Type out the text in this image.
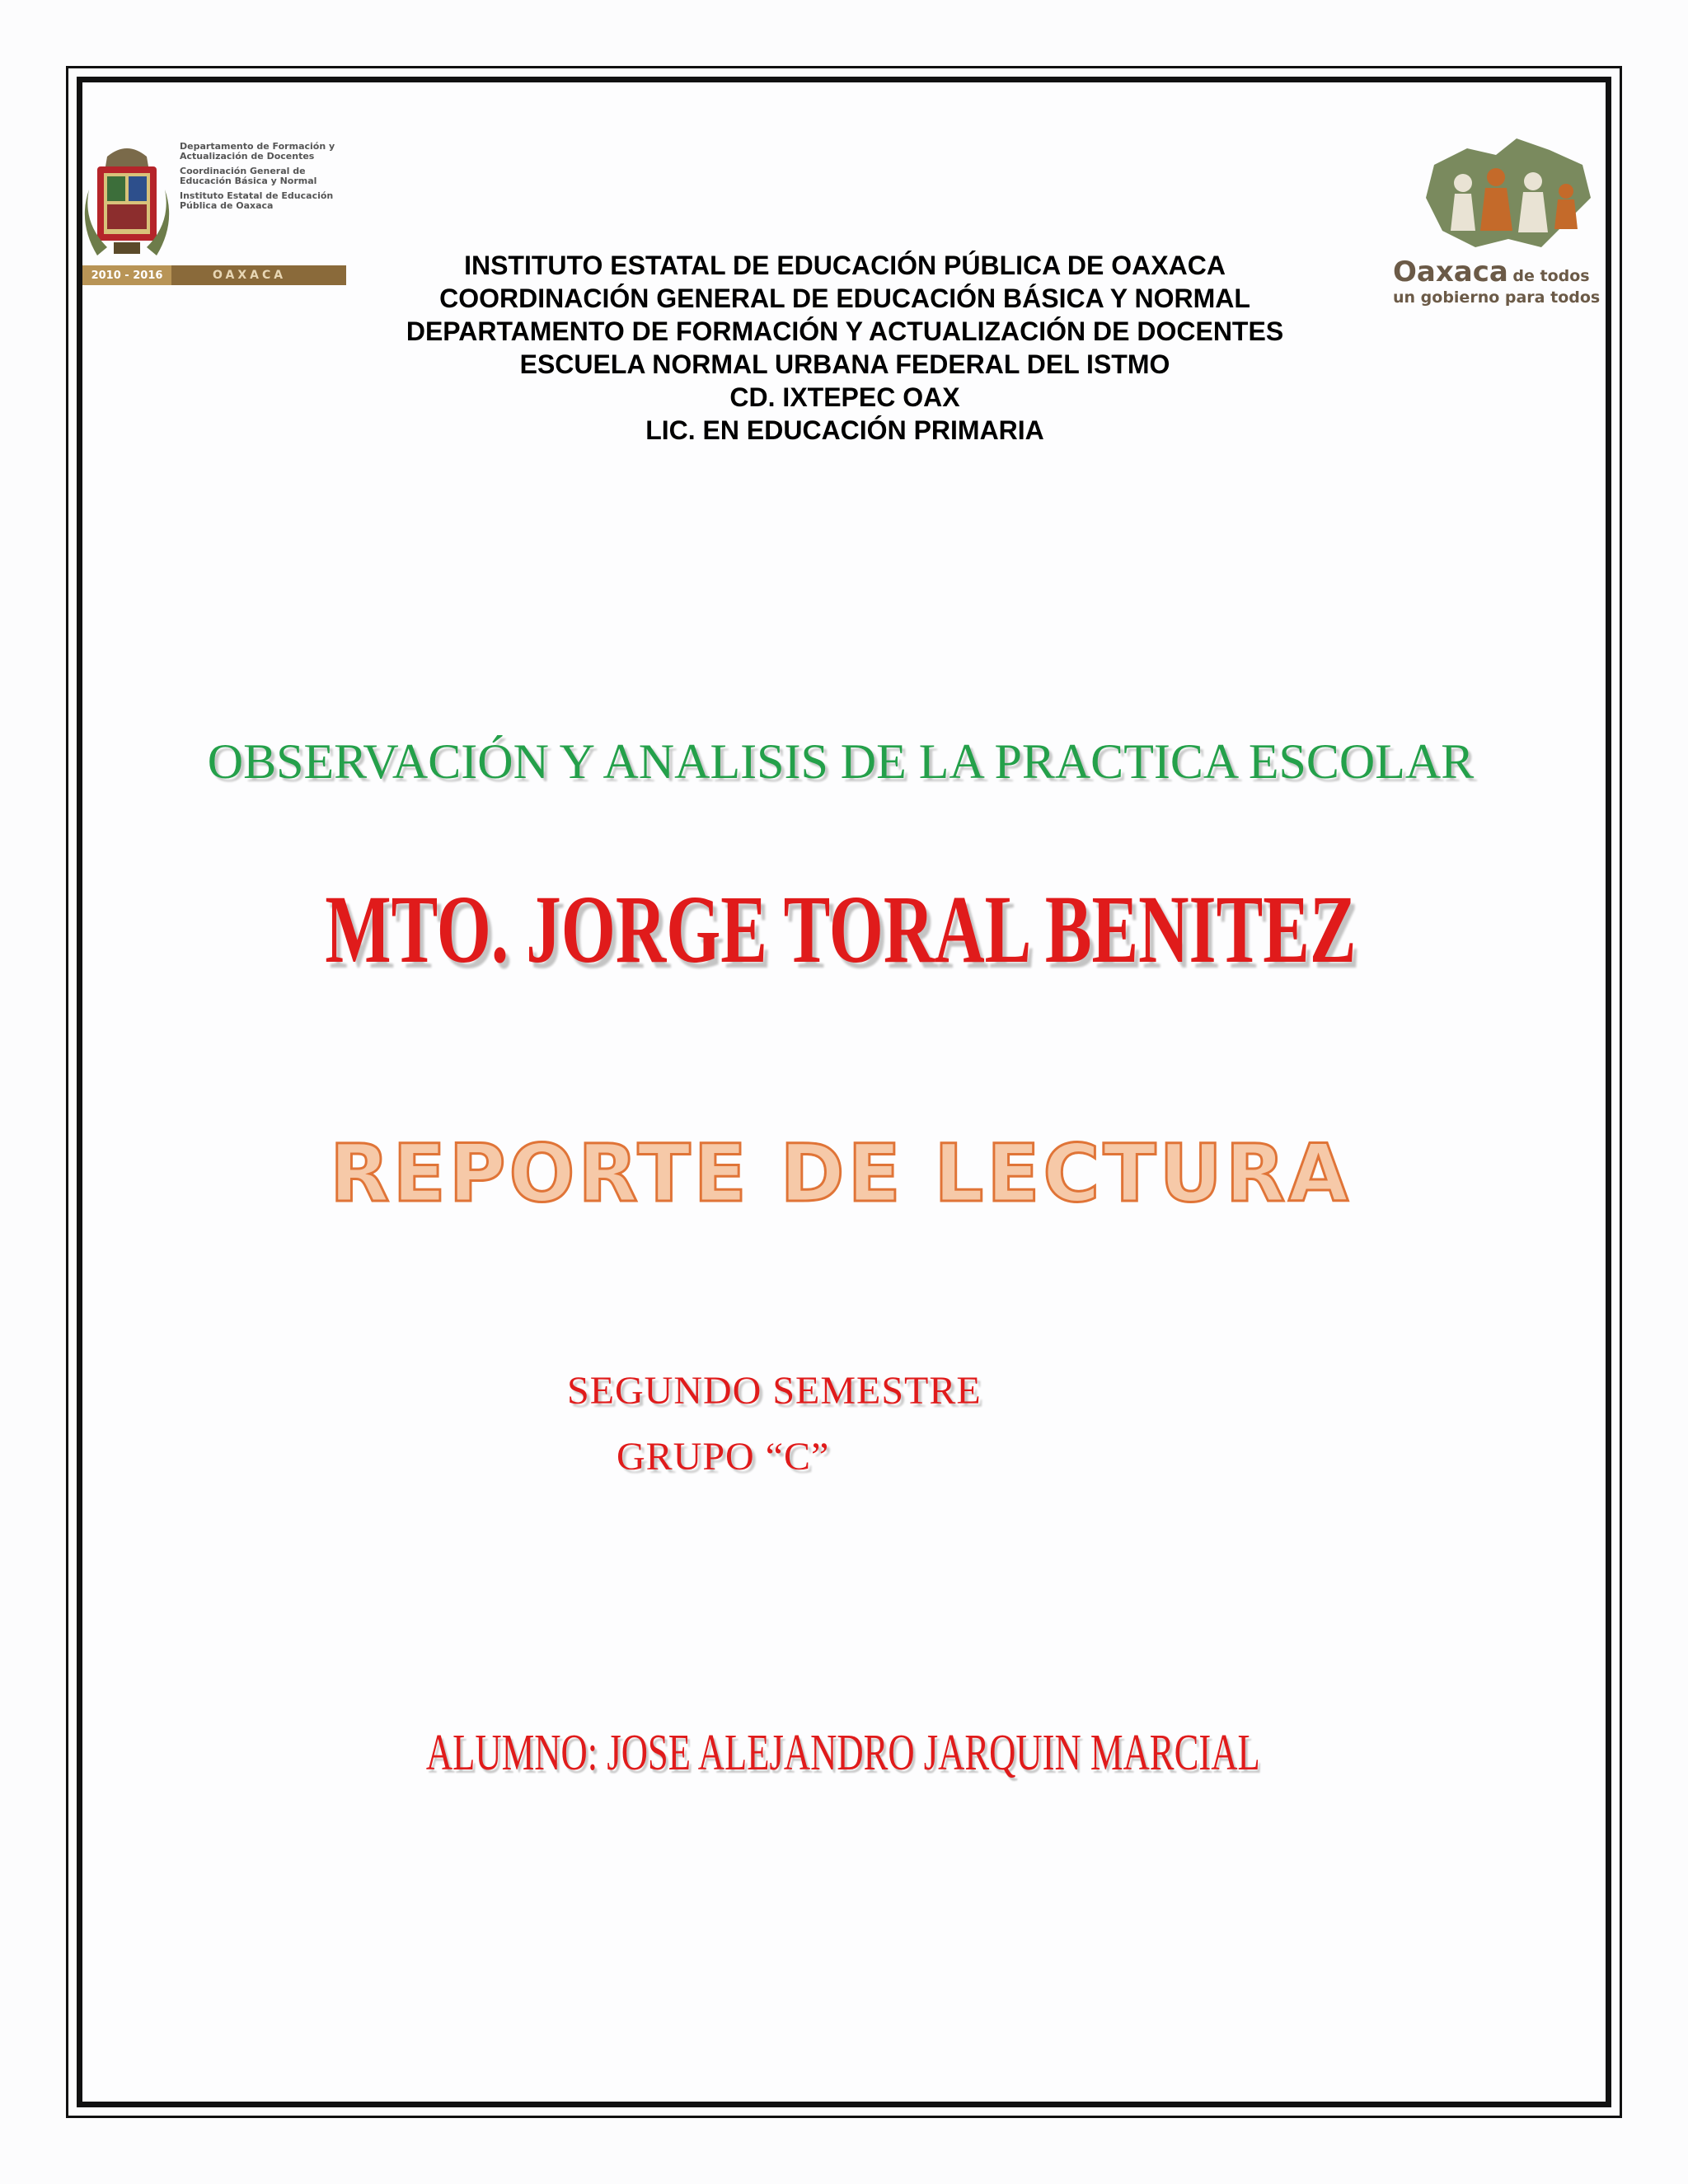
Departamento de Formación y Actualización de Docentes
Coordinación General de Educación Básica y Normal
Instituto Estatal de Educación Pública de Oaxaca
2010 - 2016	OAXACA	Oaxaca de todos
un gobierno para todos
INSTITUTO ESTATAL DE EDUCACIÓN PÚBLICA DE OAXACA
COORDINACIÓN GENERAL DE EDUCACIÓN BÁSICA Y NORMAL
DEPARTAMENTO DE FORMACIÓN Y ACTUALIZACIÓN DE DOCENTES
ESCUELA NORMAL URBANA FEDERAL DEL ISTMO
CD. IXTEPEC OAX
LIC. EN EDUCACIÓN PRIMARIA
OBSERVACIÓN Y ANALISIS DE LA PRACTICA ESCOLAR
MTO. JORGE TORAL BENITEZ
REPORTE DE LECTURA
SEGUNDO SEMESTRE
GRUPO “C”
ALUMNO: JOSE ALEJANDRO JARQUIN MARCIAL
